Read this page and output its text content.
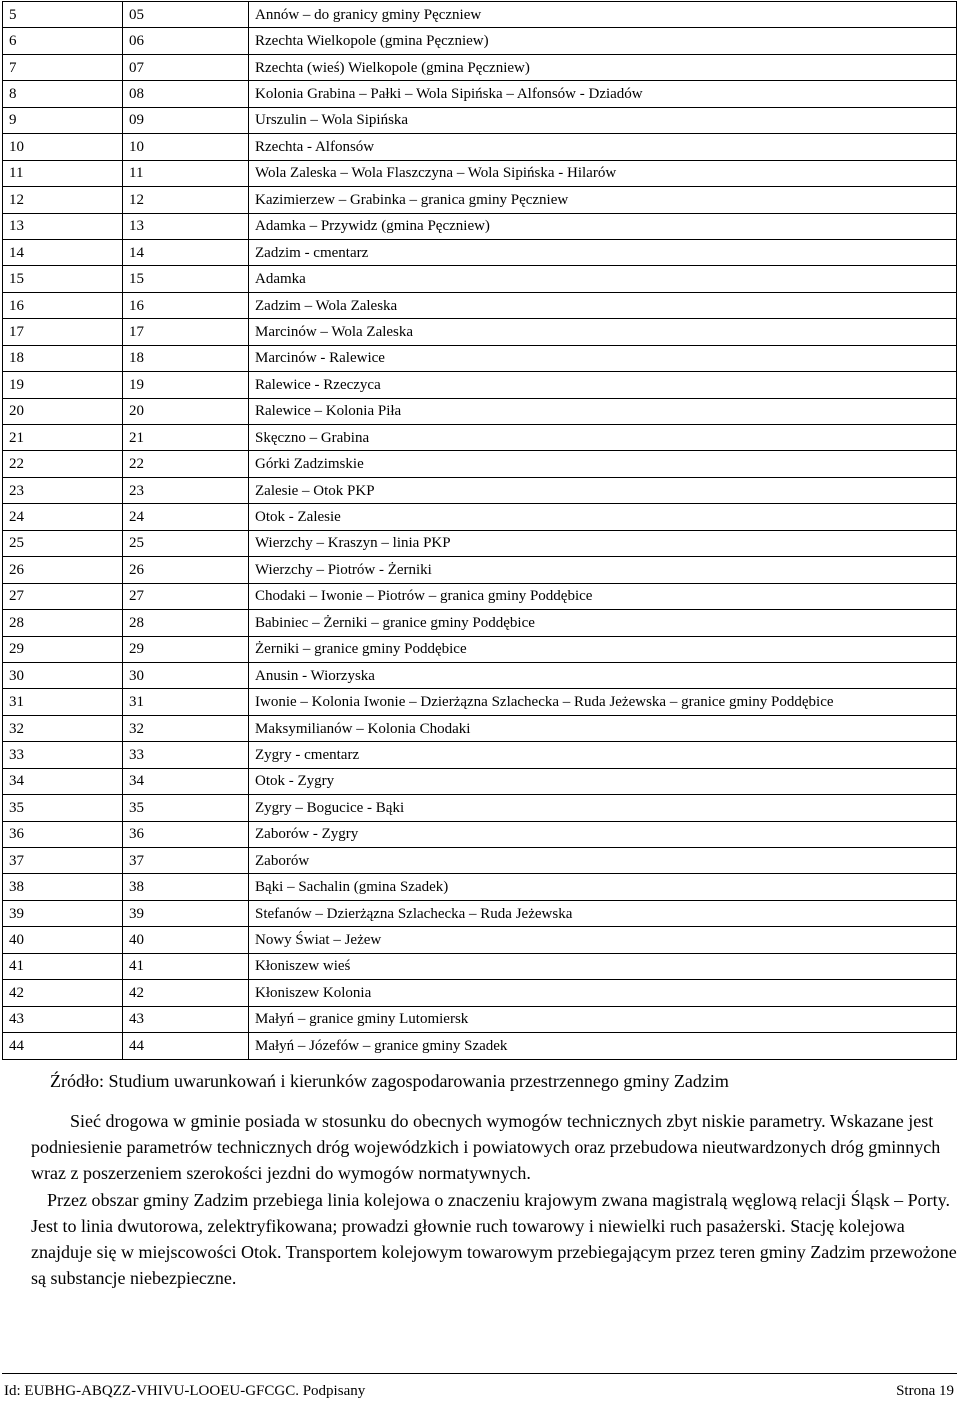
5	05	Annów – do granicy gminy Pęczniew
6	06	Rzechta Wielkopole (gmina Pęczniew)
7	07	Rzechta (wieś) Wielkopole (gmina Pęczniew)
8	08	Kolonia Grabina – Pałki – Wola Sipińska – Alfonsów - Dziadów
9	09	Urszulin – Wola Sipińska
10	10	Rzechta - Alfonsów
11	11	Wola Zaleska – Wola Flaszczyna – Wola Sipińska - Hilarów
12	12	Kazimierzew – Grabinka – granica gminy Pęczniew
13	13	Adamka – Przywidz (gmina Pęczniew)
14	14	Zadzim - cmentarz
15	15	Adamka
16	16	Zadzim – Wola Zaleska
17	17	Marcinów – Wola Zaleska
18	18	Marcinów - Ralewice
19	19	Ralewice - Rzeczyca
20	20	Ralewice – Kolonia Piła
21	21	Skęczno – Grabina
22	22	Górki Zadzimskie
23	23	Zalesie – Otok PKP
24	24	Otok - Zalesie
25	25	Wierzchy – Kraszyn – linia PKP
26	26	Wierzchy – Piotrów - Żerniki
27	27	Chodaki – Iwonie – Piotrów – granica gminy Poddębice
28	28	Babiniec – Żerniki – granice gminy Poddębice
29	29	Żerniki – granice gminy Poddębice
30	30	Anusin - Wiorzyska
31	31	Iwonie – Kolonia Iwonie – Dzierżązna Szlachecka – Ruda Jeżewska – granice gminy Poddębice
32	32	Maksymilianów – Kolonia Chodaki
33	33	Zygry - cmentarz
34	34	Otok - Zygry
35	35	Zygry – Bogucice - Bąki
36	36	Zaborów - Zygry
37	37	Zaborów
38	38	Bąki – Sachalin (gmina Szadek)
39	39	Stefanów – Dzierżązna Szlachecka – Ruda Jeżewska
40	40	Nowy Świat – Jeżew
41	41	Kłoniszew wieś
42	42	Kłoniszew Kolonia
43	43	Małyń – granice gminy Lutomiersk
44	44	Małyń – Józefów – granice gminy Szadek
Źródło: Studium uwarunkowań i kierunków zagospodarowania przestrzennego gminy Zadzim

Sieć drogowa w gminie posiada w stosunku do obecnych wymogów technicznych zbyt niskie parametry. Wskazane jest podniesienie parametrów technicznych dróg wojewódzkich i powiatowych oraz przebudowa nieutwardzonych dróg gminnych wraz z poszerzeniem szerokości jezdni do wymogów normatywnych.

Przez obszar gminy Zadzim przebiega linia kolejowa o znaczeniu krajowym zwana magistralą węglową relacji Śląsk – Porty. Jest to linia dwutorowa, zelektryfikowana; prowadzi głownie ruch towarowy i niewielki ruch pasażerski. Stację kolejowa znajduje się w miejscowości Otok. Transportem kolejowym towarowym przebiegającym przez teren gminy Zadzim przewożone są substancje niebezpieczne.

Id: EUBHG-ABQZZ-VHIVU-LOOEU-GFCGC. Podpisany	Strona 19
